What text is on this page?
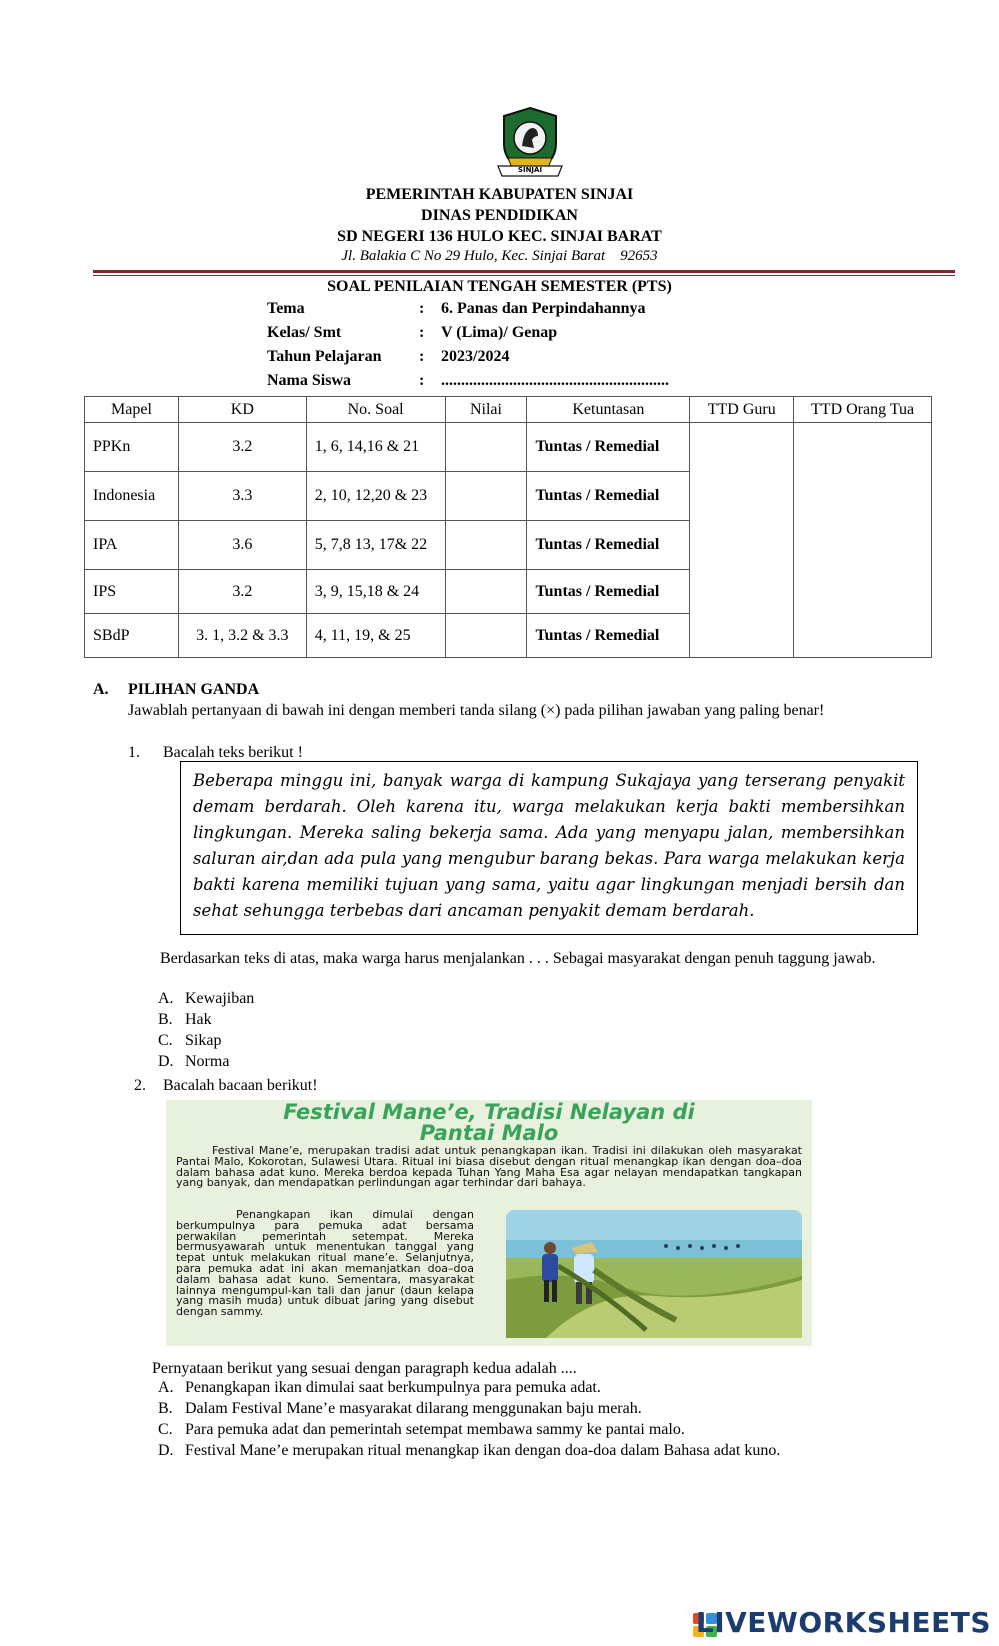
SINJAI
PEMERINTAH KABUPATEN SINJAI
DINAS PENDIDIKAN
SD NEGERI 136 HULO KEC. SINJAI BARAT
Jl. Balakia C No 29 Hulo, Kec. Sinjai Barat    92653
SOAL PENILAIAN TENGAH SEMESTER (PTS)
Tema	: 6. Panas dan Perpindahannya
Kelas/ Smt	: V (Lima)/ Genap
Tahun Pelajaran : 2023/2024
Nama Siswa	: .........................................................
Mapel	KD	No. Soal	Nilai	Ketuntasan	TTD Guru	TTD Orang Tua
PPKn	3.2	1, 6, 14,16 & 21		Tuntas / Remedial		
Indonesia	3.3	2, 10, 12,20 & 23		Tuntas / Remedial		
IPA	3.6	5, 7,8 13, 17& 22		Tuntas / Remedial		
IPS	3.2	3, 9, 15,18 & 24		Tuntas / Remedial		
SBdP	3. 1, 3.2 & 3.3	4, 11, 19, & 25		Tuntas / Remedial		
A. PILIHAN GANDA
Jawablah pertanyaan di bawah ini dengan memberi tanda silang (×) pada pilihan jawaban yang paling benar!
1. Bacalah teks berikut !
Beberapa minggu ini, banyak warga di kampung Sukajaya yang terserang penyakit demam berdarah. Oleh karena itu, warga melakukan kerja bakti membersihkan lingkungan. Mereka saling bekerja sama. Ada yang menyapu jalan, membersihkan saluran air,dan ada pula yang mengubur barang bekas. Para warga melakukan kerja bakti karena memiliki tujuan yang sama, yaitu agar lingkungan menjadi bersih dan sehat sehungga terbebas dari ancaman penyakit demam berdarah.
Berdasarkan teks di atas, maka warga harus menjalankan . . . Sebagai masyarakat dengan penuh taggung jawab.
A. Kewajiban
B. Hak
C. Sikap
D. Norma
2. Bacalah bacaan berikut!
Festival Mane’e, Tradisi Nelayan di
Pantai Malo
Festival Mane’e, merupakan tradisi adat untuk penangkapan ikan. Tradisi ini dilakukan oleh masyarakat Pantai Malo, Kokorotan, Sulawesi Utara. Ritual ini biasa disebut dengan ritual menangkap ikan dengan doa–doa dalam bahasa adat kuno. Mereka berdoa kepada Tuhan Yang Maha Esa agar nelayan mendapatkan tangkapan yang banyak, dan mendapatkan perlindungan agar terhindar dari bahaya.
Penangkapan ikan dimulai dengan berkumpulnya para pemuka adat bersama perwakilan pemerintah setempat. Mereka bermusyawarah untuk menentukan tanggal yang tepat untuk melakukan ritual mane’e. Selanjutnya, para pemuka adat ini akan memanjatkan doa–doa dalam bahasa adat kuno. Sementara, masyarakat lainnya mengumpul-kan tali dan janur (daun kelapa yang masih muda) untuk dibuat jaring yang disebut dengan sammy.
Pernyataan berikut yang sesuai dengan paragraph kedua adalah ....
A. Penangkapan ikan dimulai saat berkumpulnya para pemuka adat.
B. Dalam Festival Mane’e masyarakat dilarang menggunakan baju merah.
C. Para pemuka adat dan pemerintah setempat membawa sammy ke pantai malo.
D. Festival Mane’e merupakan ritual menangkap ikan dengan doa-doa dalam Bahasa adat kuno.
LIVEWORKSHEETS
